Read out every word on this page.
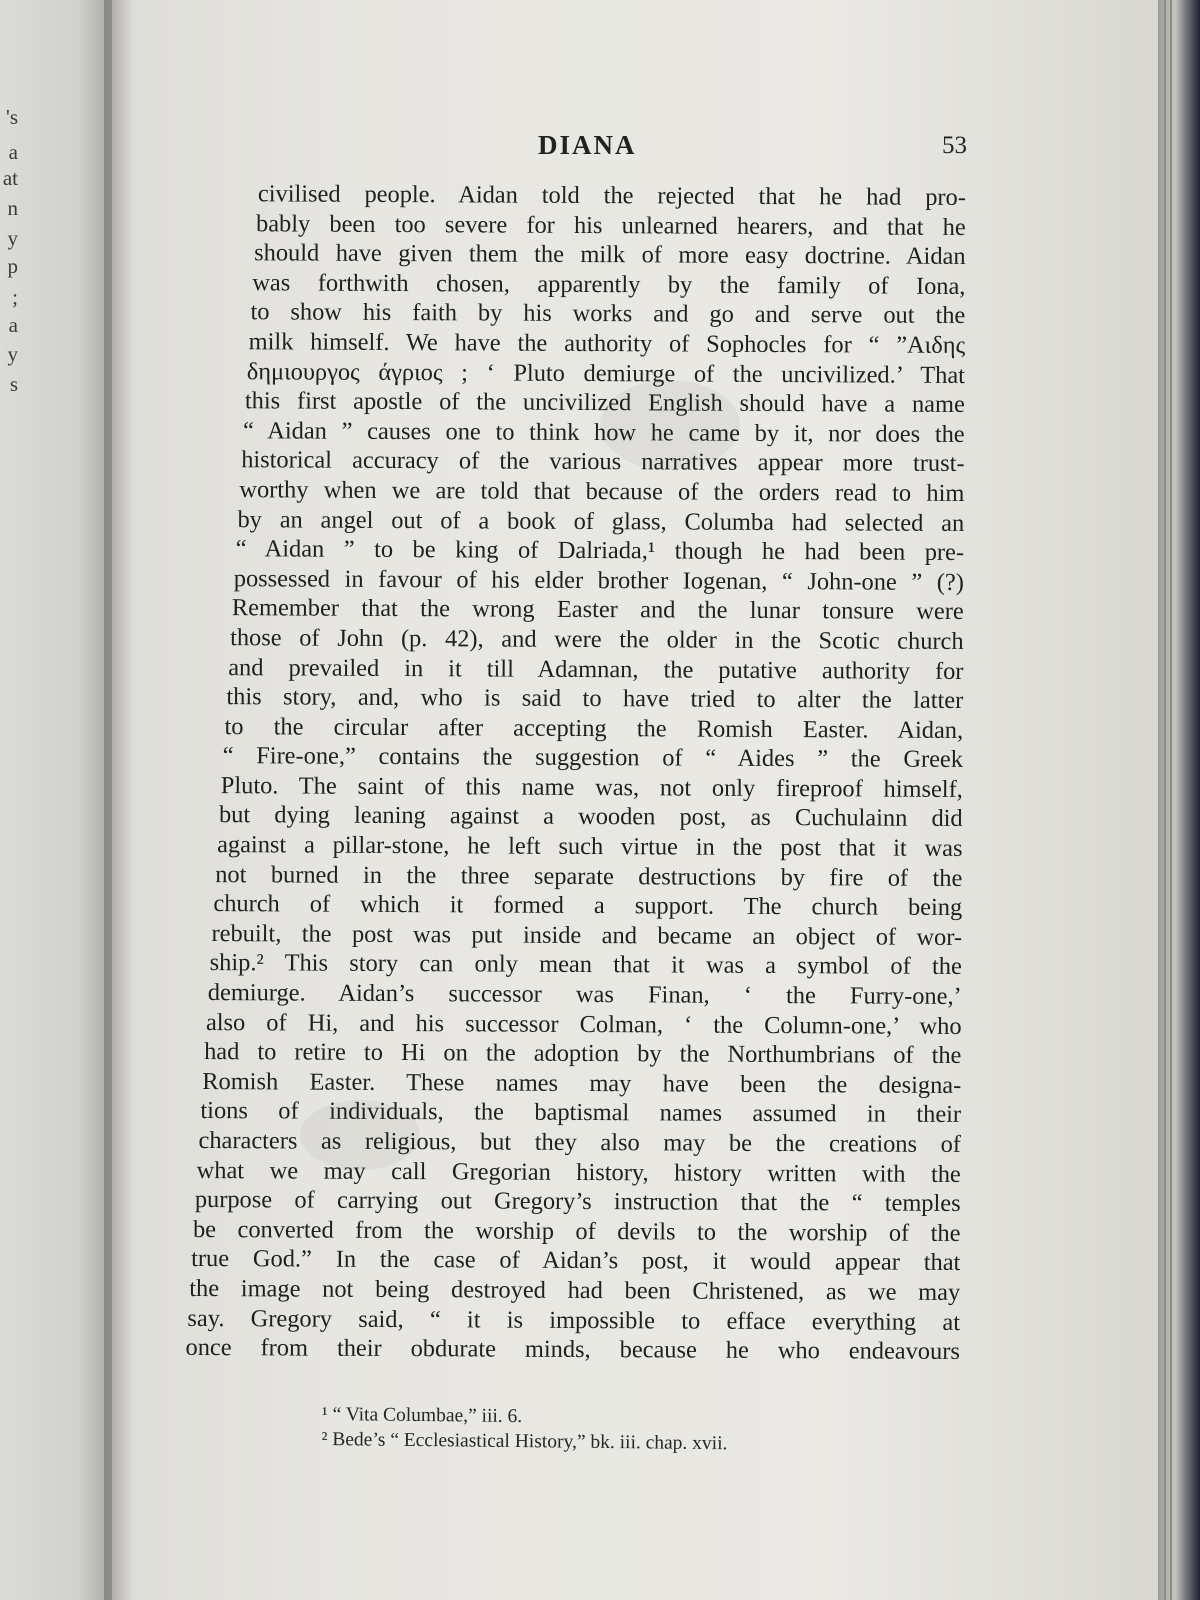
's
a
at
n
y
p
;
a
y
s
DIANA	53
civilised people. Aidan told the rejected that he had pro-
bably been too severe for his unlearned hearers, and that he
should have given them the milk of more easy doctrine. Aidan
was forthwith chosen, apparently by the family of Iona,
to show his faith by his works and go and serve out the
milk himself. We have the authority of Sophocles for “ ”Αιδης
δημιουργος άγριος ; ‘ Pluto demiurge of the uncivilized.’ That
this first apostle of the uncivilized English should have a name
“ Aidan ” causes one to think how he came by it, nor does the
historical accuracy of the various narratives appear more trust-
worthy when we are told that because of the orders read to him
by an angel out of a book of glass, Columba had selected an
“ Aidan ” to be king of Dalriada,¹ though he had been pre-
possessed in favour of his elder brother Iogenan, “ John-one ” (?)
Remember that the wrong Easter and the lunar tonsure were
those of John (p. 42), and were the older in the Scotic church
and prevailed in it till Adamnan, the putative authority for
this story, and, who is said to have tried to alter the latter
to the circular after accepting the Romish Easter. Aidan,
“ Fire-one,” contains the suggestion of “ Aides ” the Greek
Pluto. The saint of this name was, not only fireproof himself,
but dying leaning against a wooden post, as Cuchulainn did
against a pillar-stone, he left such virtue in the post that it was
not burned in the three separate destructions by fire of the
church of which it formed a support. The church being
rebuilt, the post was put inside and became an object of wor-
ship.² This story can only mean that it was a symbol of the
demiurge. Aidan’s successor was Finan, ‘ the Furry-one,’
also of Hi, and his successor Colman, ‘ the Column-one,’ who
had to retire to Hi on the adoption by the Northumbrians of the
Romish Easter. These names may have been the designa-
tions of individuals, the baptismal names assumed in their
characters as religious, but they also may be the creations of
what we may call Gregorian history, history written with the
purpose of carrying out Gregory’s instruction that the “ temples
be converted from the worship of devils to the worship of the
true God.” In the case of Aidan’s post, it would appear that
the image not being destroyed had been Christened, as we may
say. Gregory said, “ it is impossible to efface everything at
once from their obdurate minds, because he who endeavours
¹ “ Vita Columbae,” iii. 6.
² Bede’s “ Ecclesiastical History,” bk. iii. chap. xvii.
